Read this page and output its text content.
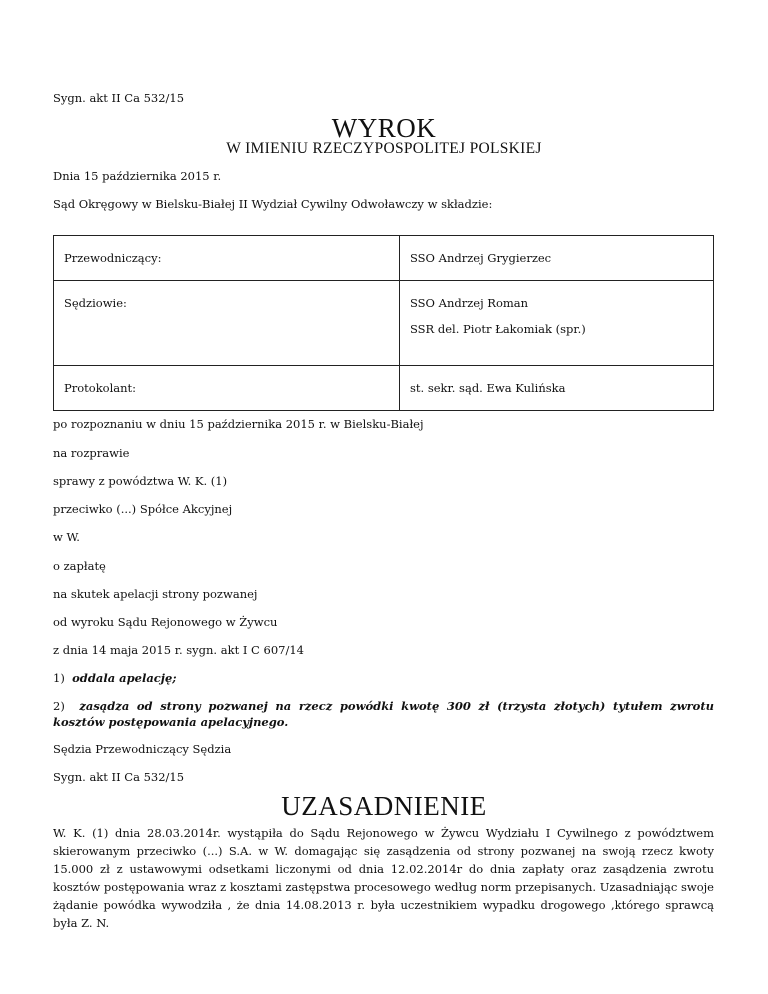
Sygn. akt II Ca 532/15
WYROK
W IMIENIU RZECZYPOSPOLITEJ POLSKIEJ
Dnia 15 października 2015 r.
Sąd Okręgowy w Bielsku-Białej II Wydział Cywilny Odwoławczy w składzie:
Przewodniczący:	SSO Andrzej Grygierzec

Sędziowie:	SSO Andrzej Roman
SSR del. Piotr Łakomiak (spr.)

Protokolant:	st. sekr. sąd. Ewa Kulińska
po rozpoznaniu w dniu 15 października 2015 r. w Bielsku-Białej
na rozprawie
sprawy z powództwa W. K. (1)
przeciwko (...) Spółce Akcyjnej
w W.
o zapłatę
na skutek apelacji strony pozwanej
od wyroku Sądu Rejonowego w Żywcu
z dnia 14 maja 2015 r. sygn. akt I C 607/14
1) oddala apelację;
2) zasądza od strony pozwanej na rzecz powódki kwotę 300 zł (trzysta złotych) tytułem zwrotu kosztów postępowania apelacyjnego.
Sędzia Przewodniczący Sędzia
Sygn. akt II Ca 532/15
UZASADNIENIE
W. K. (1) dnia 28.03.2014r. wystąpiła do Sądu Rejonowego w Żywcu Wydziału I Cywilnego z powództwem skierowanym przeciwko (...) S.A. w W. domagając się zasądzenia od strony pozwanej na swoją rzecz kwoty 15.000 zł z ustawowymi odsetkami liczonymi od dnia 12.02.2014r do dnia zapłaty oraz zasądzenia zwrotu kosztów postępowania wraz z kosztami zastępstwa procesowego według norm przepisanych. Uzasadniając swoje żądanie powódka wywodziła , że dnia 14.08.2013 r. była uczestnikiem wypadku drogowego ,którego sprawcą była Z. N.
